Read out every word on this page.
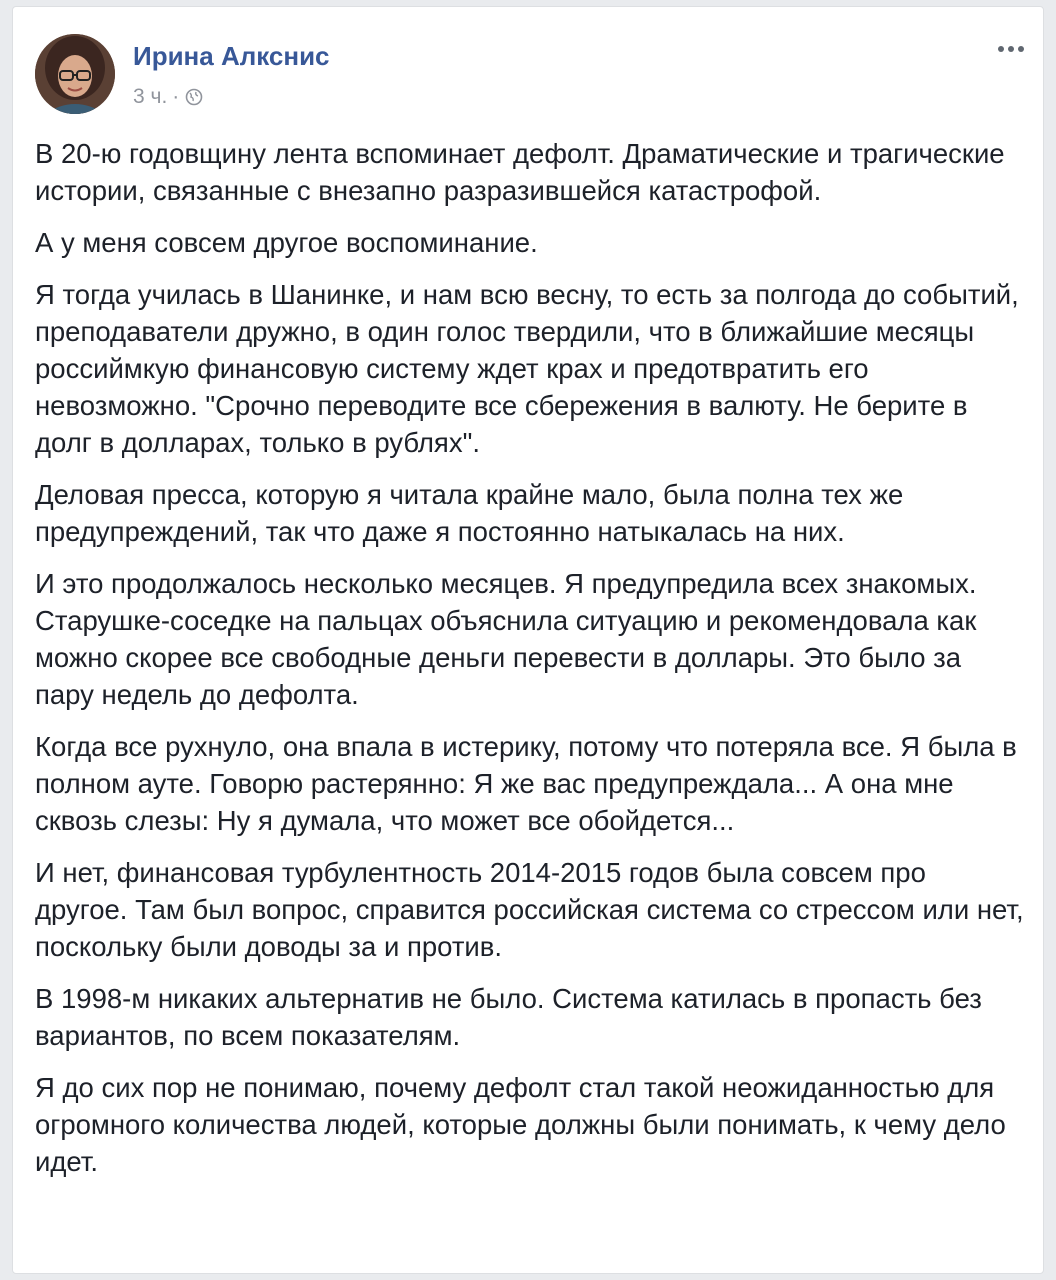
Ирина Алкснис
3 ч. ·

В 20-ю годовщину лента вспоминает дефолт. Драматические и трагические истории, связанные с внезапно разразившейся катастрофой.

А у меня совсем другое воспоминание.

Я тогда училась в Шанинке, и нам всю весну, то есть за полгода до событий, преподаватели дружно, в один голос твердили, что в ближайшие месяцы российмкую финансовую систему ждет крах и предотвратить его невозможно. "Срочно переводите все сбережения в валюту. Не берите в долг в долларах, только в рублях".

Деловая пресса, которую я читала крайне мало, была полна тех же предупреждений, так что даже я постоянно натыкалась на них.

И это продолжалось несколько месяцев. Я предупредила всех знакомых. Старушке-соседке на пальцах объяснила ситуацию и рекомендовала как можно скорее все свободные деньги перевести в доллары. Это было за пару недель до дефолта.

Когда все рухнуло, она впала в истерику, потому что потеряла все. Я была в полном ауте. Говорю растерянно: Я же вас предупреждала... А она мне сквозь слезы: Ну я думала, что может все обойдется...

И нет, финансовая турбулентность 2014-2015 годов была совсем про другое. Там был вопрос, справится российская система со стрессом или нет, поскольку были доводы за и против.

В 1998-м никаких альтернатив не было. Система катилась в пропасть без вариантов, по всем показателям.

Я до сих пор не понимаю, почему дефолт стал такой неожиданностью для огромного количества людей, которые должны были понимать, к чему дело идет.
